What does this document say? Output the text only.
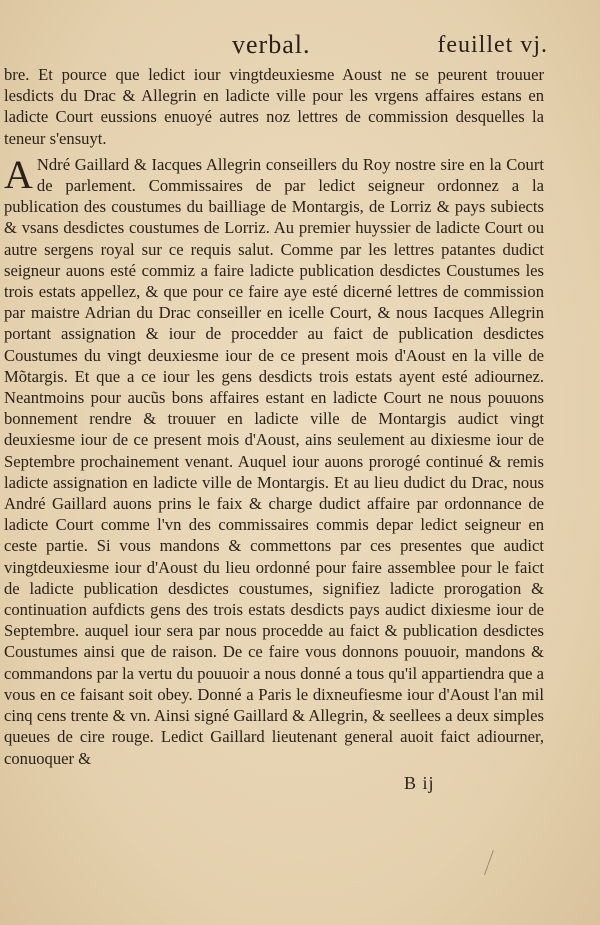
verbal.	feuillet vj.

bre. Et pource que ledict iour vingtdeuxiesme Aoust ne se peurent trouuer lesdicts du Drac & Allegrin en ladicte ville pour les vrgens affaires estans en ladicte Court eussions enuoyé autres noz lettres de commission desquelles la teneur s'ensuyt.

A Ndré Gaillard & Iacques Allegrin conseillers du Roy nostre sire en la Court de parlement. Commissaires de par ledict seigneur ordonnez a la publication des coustumes du bailliage de Montargis, de Lorriz & pays subiects & vsans desdictes coustumes de Lorriz. Au premier huyssier de ladicte Court ou autre sergens royal sur ce requis salut. Comme par les lettres patantes dudict seigneur auons esté commiz a faire ladicte publication desdictes Coustumes les trois estats appellez, & que pour ce faire aye esté dicerné lettres de commission par maistre Adrian du Drac conseiller en icelle Court, & nous Iacques Allegrin portant assignation & iour de procedder au faict de publication desdictes Coustumes du vingt deuxiesme iour de ce present mois d'Aoust en la ville de Mõtargis. Et que a ce iour les gens desdicts trois estats ayent esté adiournez. Neantmoins pour aucũs bons affaires estant en ladicte Court ne nous pouuons bonnement rendre & trouuer en ladicte ville de Montargis audict vingt deuxiesme iour de ce present mois d'Aoust, ains seulement au dixiesme iour de Septembre prochainement venant. Auquel iour auons prorogé continué & remis ladicte assignation en ladicte ville de Montargis. Et au lieu dudict du Drac, nous André Gaillard auons prins le faix & charge dudict affaire par ordonnance de ladicte Court comme l'vn des commissaires commis depar ledict seigneur en ceste partie. Si vous mandons & commettons par ces presentes que audict vingtdeuxiesme iour d'Aoust du lieu ordonné pour faire assemblee pour le faict de ladicte publication desdictes coustumes, signifiez ladicte prorogation & continuation aufdicts gens des trois estats desdicts pays audict dixiesme iour de Septembre. auquel iour sera par nous procedde au faict & publication desdictes Coustumes ainsi que de raison. De ce faire vous donnons pouuoir, mandons & commandons par la vertu du pouuoir a nous donné a tous qu'il appartiendra que a vous en ce faisant soit obey. Donné a Paris le dixneufiesme iour d'Aoust l'an mil cinq cens trente & vn. Ainsi signé Gaillard & Allegrin, & seellees a deux simples queues de cire rouge. Ledict Gaillard lieutenant general auoit faict adiourner, conuoquer &

B ij
